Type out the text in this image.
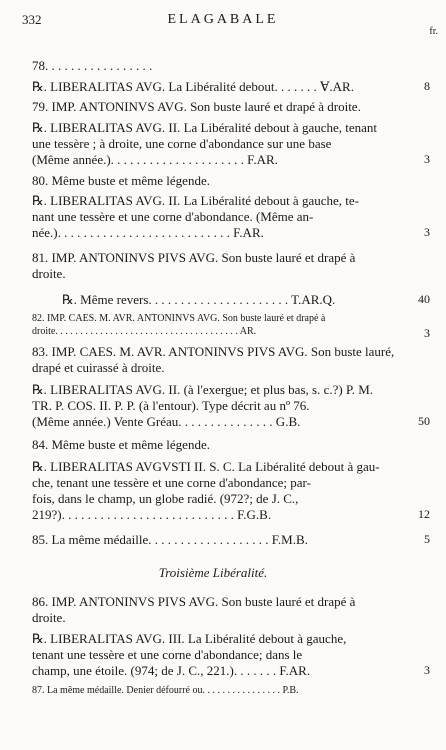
332	ELAGABALE
fr.
78. . . . . . . . . . . . . . . . .
℞. LIBERALITAS AVG. La Libéralité debout. . . . . . . Ɐ.AR.	8
79. IMP. ANTONINVS AVG. Son buste lauré et drapé à droite.
℞. LIBERALITAS AVG. II. La Libéralité debout à gauche, tenant
une tessère ; à droite, une corne d'abondance sur une base
(Même année.). . . . . . . . . . . . . . . . . . . . . F.AR.	3
80. Même buste et même légende.
℞. LIBERALITAS AVG. II. La Libéralité debout à gauche, te-
nant une tessère et une corne d'abondance. (Même an-
née.). . . . . . . . . . . . . . . . . . . . . . . . . . . F.AR.	3
81. IMP. ANTONINVS PIVS AVG. Son buste lauré et drapé à
droite.
℞. Même revers. . . . . . . . . . . . . . . . . . . . . . T.AR.Q.	40
82. IMP. CAES. M. AVR. ANTONINVS AVG. Son buste lauré et drapé à
droite. . . . . . . . . . . . . . . . . . . . . . . . . . . . . . . . . . . . . AR.	3
83. IMP. CAES. M. AVR. ANTONINVS PIVS AVG. Son buste lauré,
drapé et cuirassé à droite.
℞. LIBERALITAS AVG. II. (à l'exergue; et plus bas, s. c.?) P. M.
TR. P. COS. II. P. P. (à l'entour). Type décrit au nº 76.
(Même année.) Vente Gréau. . . . . . . . . . . . . . . G.B.	50
84. Même buste et même légende.
℞. LIBERALITAS AVGVSTI II. S. C. La Libéralité debout à gau-
che, tenant une tessère et une corne d'abondance; par-
fois, dans le champ, un globe radié. (972?; de J. C.,
219?). . . . . . . . . . . . . . . . . . . . . . . . . . . F.G.B.	12
85. La même médaille. . . . . . . . . . . . . . . . . . . F.M.B.	5
Troisième Libéralité.
86. IMP. ANTONINVS PIVS AVG. Son buste lauré et drapé à
droite.
℞. LIBERALITAS AVG. III. La Libéralité debout à gauche,
tenant une tessère et une corne d'abondance; dans le
champ, une étoile. (974; de J. C., 221.). . . . . . . F.AR.	3
87. La même médaille. Denier défourré ou. . . . . . . . . . . . . . . . P.B.
